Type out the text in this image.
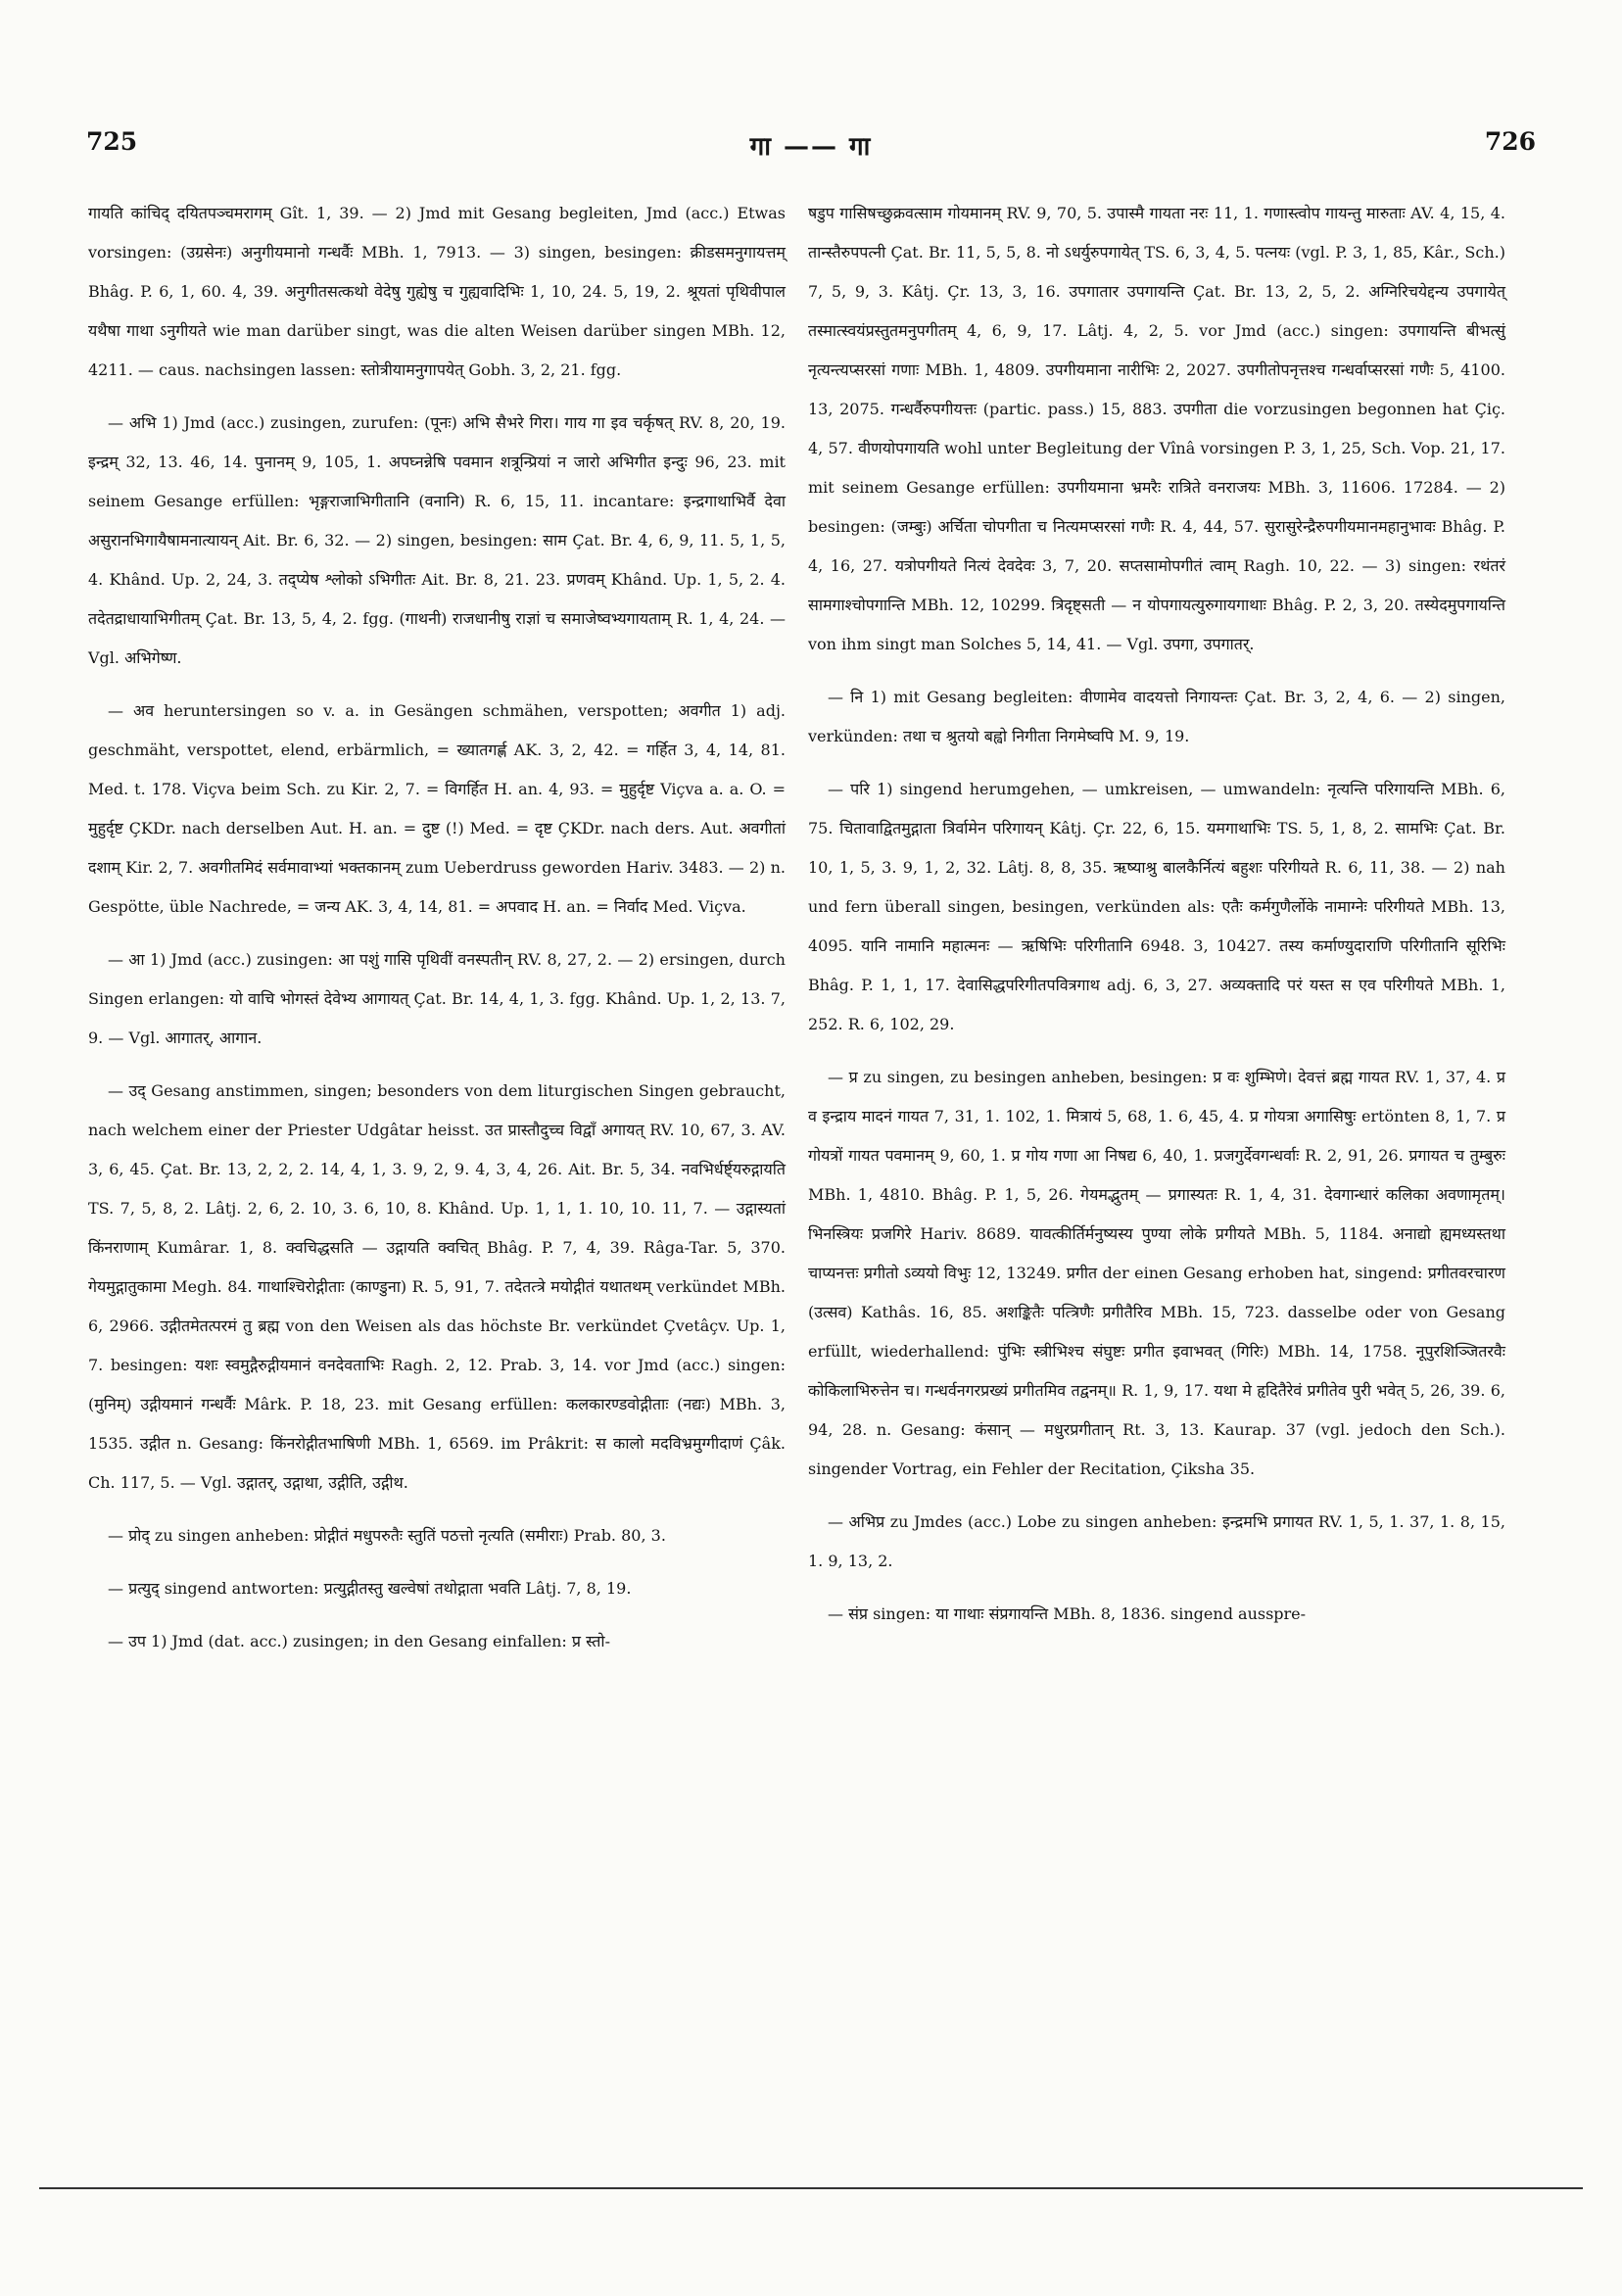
725	गा —— गा	726

गायति कांचिद् दयितपञ्चमरागम् Gît. 1, 39. — 2) Jmd mit Gesang begleiten, Jmd (acc.) Etwas vorsingen: (उग्रसेनः) अनुगीयमानो गन्धर्वैः MBh. 1, 7913. — 3) singen, besingen: क्रीडसमनुगायत्तम् Bhâg. P. 6, 1, 60. 4, 39. अनुगीतसत्कथो वेदेषु गुह्येषु च गुह्यवादिभिः 1, 10, 24. 5, 19, 2. श्रूयतां पृथिवीपाल यथैषा गाथा ऽनुगीयते wie man darüber singt, was die alten Weisen darüber singen MBh. 12, 4211. — caus. nachsingen lassen: स्तोत्रीयामनुगापयेत् Gobh. 3, 2, 21. fgg.

— अभि 1) Jmd (acc.) zusingen, zurufen: (पूनः) अभि सैभरे गिरा। गाय गा इव चर्कृषत् RV. 8, 20, 19. इन्द्रम् 32, 13. 46, 14. पुनानम् 9, 105, 1. अपघ्नन्नेषि पवमान शत्रून्प्रियां न जारो अभिगीत इन्दुः 96, 23. mit seinem Gesange erfüllen: भृङ्गराजाभिगीतानि (वनानि) R. 6, 15, 11. incantare: इन्द्रगाथाभिर्वै देवा असुरानभिगायैषामनात्यायन् Ait. Br. 6, 32. — 2) singen, besingen: साम Çat. Br. 4, 6, 9, 11. 5, 1, 5, 4. Khând. Up. 2, 24, 3. तद्प्येष श्लोको ऽभिगीतः Ait. Br. 8, 21. 23. प्रणवम् Khând. Up. 1, 5, 2. 4. तदेतद्राधायाभिगीतम् Çat. Br. 13, 5, 4, 2. fgg. (गाथनी) राजधानीषु राज्ञां च समाजेष्वभ्यगायताम् R. 1, 4, 24. — Vgl. अभिगेष्ण.

— अव heruntersingen so v. a. in Gesängen schmähen, verspotten; अवगीत 1) adj. geschmäht, verspottet, elend, erbärmlich, = ख्यातगर्ह्ण AK. 3, 2, 42. = गर्हित 3, 4, 14, 81. Med. t. 178. Viçva beim Sch. zu Kir. 2, 7. = विगर्हित H. an. 4, 93. = मुहुर्दृष्ट Viçva a. a. O. = मुहुर्दृष्ट ÇKDr. nach derselben Aut. H. an. = दुष्ट (!) Med. = दृष्ट ÇKDr. nach ders. Aut. अवगीतां दशाम् Kir. 2, 7. अवगीतमिदं सर्वमावाभ्यां भक्तकानम् zum Ueberdruss geworden Hariv. 3483. — 2) n. Gespötte, üble Nachrede, = जन्य AK. 3, 4, 14, 81. = अपवाद H. an. = निर्वाद Med. Viçva.

— आ 1) Jmd (acc.) zusingen: आ पशुं गासि पृथिवीं वनस्पतीन् RV. 8, 27, 2. — 2) ersingen, durch Singen erlangen: यो वाचि भोगस्तं देवेभ्य आगायत् Çat. Br. 14, 4, 1, 3. fgg. Khând. Up. 1, 2, 13. 7, 9. — Vgl. आगातर्, आगान.

— उद् Gesang anstimmen, singen; besonders von dem liturgischen Singen gebraucht, nach welchem einer der Priester Udgâtar heisst. उत प्रास्तौदुच्च विद्वाँ अगायत् RV. 10, 67, 3. AV. 3, 6, 45. Çat. Br. 13, 2, 2, 2. 14, 4, 1, 3. 9, 2, 9. 4, 3, 4, 26. Ait. Br. 5, 34. नवभिर्धर्ष्ट्यरुद्गायति TS. 7, 5, 8, 2. Lâtj. 2, 6, 2. 10, 3. 6, 10, 8. Khând. Up. 1, 1, 1. 10, 10. 11, 7. — उद्गास्यतां किंनराणाम् Kumârar. 1, 8. क्वचिद्धसति — उद्गायति क्वचित् Bhâg. P. 7, 4, 39. Râga-Tar. 5, 370. गेयमुद्गातुकामा Megh. 84. गाथाश्चिरोद्गीताः (काण्डुना) R. 5, 91, 7. तदेतत्त्रे मयोद्गीतं यथातथम् verkündet MBh. 6, 2966. उद्गीतमेतत्परमं तु ब्रह्म von den Weisen als das höchste Br. verkündet Çvetâçv. Up. 1, 7. besingen: यशः स्वमुद्गैरुद्गीयमानं वनदेवताभिः Ragh. 2, 12. Prab. 3, 14. vor Jmd (acc.) singen: (मुनिम्) उद्गीयमानं गन्धर्वैः Mârk. P. 18, 23. mit Gesang erfüllen: कलकारण्डवोद्गीताः (नद्यः) MBh. 3, 1535. उद्गीत n. Gesang: किंनरोद्गीतभाषिणी MBh. 1, 6569. im Prâkrit: स कालो मदविभ्रमुग्गीदाणं Çâk. Ch. 117, 5. — Vgl. उद्गातर्, उद्गाथा, उद्गीति, उद्गीथ.

— प्रोद् zu singen anheben: प्रोद्गीतं मधुपरुतैः स्तुतिं पठत्तो नृत्यति (समीराः) Prab. 80, 3.

— प्रत्युद् singend antworten: प्रत्युद्गीतस्तु खल्वेषां तथोद्गाता भवति Lâtj. 7, 8, 19.

— उप 1) Jmd (dat. acc.) zusingen; in den Gesang einfallen: प्र स्तो-

षडुप गासिषच्छुक्रवत्साम गोयमानम् RV. 9, 70, 5. उपास्मै गायता नरः 11, 1. गणास्त्वोप गायन्तु मारुताः AV. 4, 15, 4. तान्स्तैरुपपत्नी Çat. Br. 11, 5, 5, 8. नो ऽधर्युरुपगायेत् TS. 6, 3, 4, 5. पत्नयः (vgl. P. 3, 1, 85, Kâr., Sch.) 7, 5, 9, 3. Kâtj. Çr. 13, 3, 16. उपगातार उपगायन्ति Çat. Br. 13, 2, 5, 2. अग्निरिचयेद्दन्य उपगायेत् तस्मात्स्वयंप्रस्तुतमनुपगीतम् 4, 6, 9, 17. Lâtj. 4, 2, 5. vor Jmd (acc.) singen: उपगायन्ति बीभत्सुं नृत्यन्त्यप्सरसां गणाः MBh. 1, 4809. उपगीयमाना नारीभिः 2, 2027. उपगीतोपनृत्तश्च गन्धर्वाप्सरसां गणैः 5, 4100. 13, 2075. गन्धर्वैरुपगीयत्तः (partic. pass.) 15, 883. उपगीता die vorzusingen begonnen hat Çiç. 4, 57. वीणयोपगायति wohl unter Begleitung der Vînâ vorsingen P. 3, 1, 25, Sch. Vop. 21, 17. mit seinem Gesange erfüllen: उपगीयमाना भ्रमरैः रात्रिते वनराजयः MBh. 3, 11606. 17284. — 2) besingen: (जम्बुः) अर्चिता चोपगीता च नित्यमप्सरसां गणैः R. 4, 44, 57. सुरासुरेन्द्रैरुपगीयमानमहानुभावः Bhâg. P. 4, 16, 27. यत्रोपगीयते नित्यं देवदेवः 3, 7, 20. सप्तसामोपगीतं त्वाम् Ragh. 10, 22. — 3) singen: रथंतरं सामगाश्चोपगान्ति MBh. 12, 10299. त्रिदृष्ट्सती — न योपगायत्युरुगायगाथाः Bhâg. P. 2, 3, 20. तस्येदमुपगायन्ति von ihm singt man Solches 5, 14, 41. — Vgl. उपगा, उपगातर्.

— नि 1) mit Gesang begleiten: वीणामेव वादयत्तो निगायन्तः Çat. Br. 3, 2, 4, 6. — 2) singen, verkünden: तथा च श्रुतयो बह्वो निगीता निगमेष्वपि M. 9, 19.

— परि 1) singend herumgehen, — umkreisen, — umwandeln: नृत्यन्ति परिगायन्ति MBh. 6, 75. चितावाद्वितमुद्गाता त्रिर्वामेन परिगायन् Kâtj. Çr. 22, 6, 15. यमगाथाभिः TS. 5, 1, 8, 2. सामभिः Çat. Br. 10, 1, 5, 3. 9, 1, 2, 32. Lâtj. 8, 8, 35. ऋष्याश्रु बालकैर्नित्यं बहुशः परिगीयते R. 6, 11, 38. — 2) nah und fern überall singen, besingen, verkünden als: एतैः कर्मगुणैर्लोके नामाग्नेः परिगीयते MBh. 13, 4095. यानि नामानि महात्मनः — ऋषिभिः परिगीतानि 6948. 3, 10427. तस्य कर्माण्युदाराणि परिगीतानि सूरिभिः Bhâg. P. 1, 1, 17. देवासिद्धपरिगीतपवित्रगाथ adj. 6, 3, 27. अव्यक्तादि परं यस्त स एव परिगीयते MBh. 1, 252. R. 6, 102, 29.

— प्र zu singen, zu besingen anheben, besingen: प्र वः शुम्भिणे। देवत्तं ब्रह्म गायत RV. 1, 37, 4. प्र व इन्द्राय मादनं गायत 7, 31, 1. 102, 1. मित्रायं 5, 68, 1. 6, 45, 4. प्र गोयत्रा अगासिषुः ertönten 8, 1, 7. प्र गोयत्रों गायत पवमानम् 9, 60, 1. प्र गोय गणा आ निषद्य 6, 40, 1. प्रजगुर्देवगन्धर्वाः R. 2, 91, 26. प्रगायत च तुम्बुरुः MBh. 1, 4810. Bhâg. P. 1, 5, 26. गेयमद्भुतम् — प्रगास्यतः R. 1, 4, 31. देवगान्धारं कलिका अवणामृतम्। भिनस्त्रियः प्रजगिरे Hariv. 8689. यावत्कीर्तिर्मनुष्यस्य पुण्या लोके प्रगीयते MBh. 5, 1184. अनाद्यो ह्यमध्यस्तथा चाप्यनत्तः प्रगीतो ऽव्ययो विभुः 12, 13249. प्रगीत der einen Gesang erhoben hat, singend: प्रगीतवरचारण (उत्सव) Kathâs. 16, 85. अशङ्कितैः पत्त्रिणैः प्रगीतैरिव MBh. 15, 723. dasselbe oder von Gesang erfüllt, wiederhallend: पुंभिः स्त्रीभिश्च संघुष्टः प्रगीत इवाभवत् (गिरिः) MBh. 14, 1758. नूपुरशिञ्जितरवैः कोकिलाभिरुत्तेन च। गन्धर्वनगरप्रख्यं प्रगीतमिव तद्वनम्॥ R. 1, 9, 17. यथा मे हृदितैरेवं प्रगीतेव पुरी भवेत् 5, 26, 39. 6, 94, 28. n. Gesang: कंसान् — मधुरप्रगीतान् Rt. 3, 13. Kaurap. 37 (vgl. jedoch den Sch.). singender Vortrag, ein Fehler der Recitation, Çiksha 35.

— अभिप्र zu Jmdes (acc.) Lobe zu singen anheben: इन्द्रमभि प्रगायत RV. 1, 5, 1. 37, 1. 8, 15, 1. 9, 13, 2.

— संप्र singen: या गाथाः संप्रगायन्ति MBh. 8, 1836. singend ausspre-
